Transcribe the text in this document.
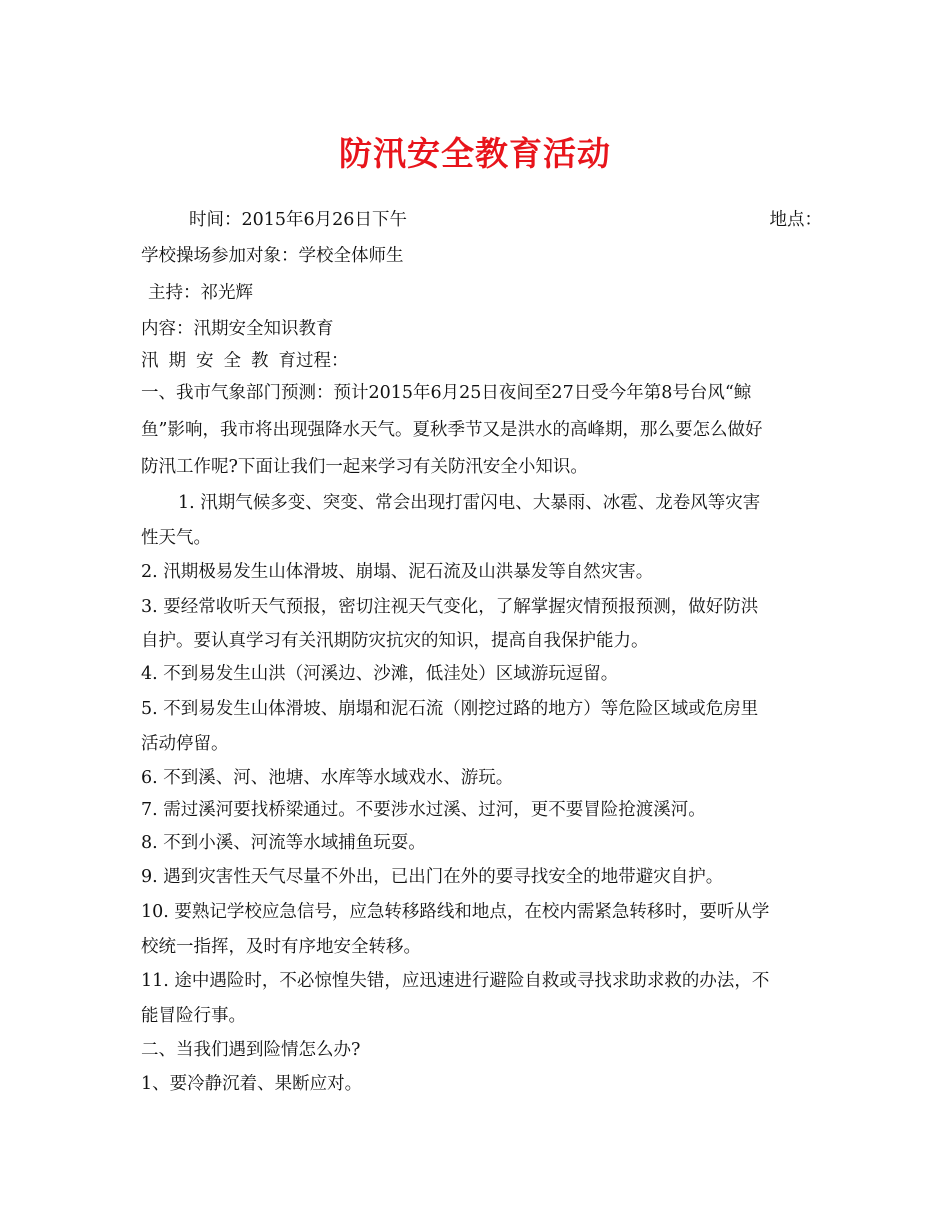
防汛安全教育活动
时间：2015年6月26日下午	地点：
学校操场参加对象：学校全体师生
主持：祁光辉
内容：汛期安全知识教育
汛期安全教育过程：
一、我市气象部门预测：预计2015年6月25日夜间至27日受今年第8号台风“鲸
鱼”影响，我市将出现强降水天气。夏秋季节又是洪水的高峰期，那么要怎么做好
防汛工作呢?下面让我们一起来学习有关防汛安全小知识。
1. 汛期气候多变、突变、常会出现打雷闪电、大暴雨、冰雹、龙卷风等灾害
性天气。
2. 汛期极易发生山体滑坡、崩塌、泥石流及山洪暴发等自然灾害。
3. 要经常收听天气预报，密切注视天气变化，了解掌握灾情预报预测，做好防洪
自护。要认真学习有关汛期防灾抗灾的知识，提高自我保护能力。
4. 不到易发生山洪（河溪边、沙滩，低洼处）区域游玩逗留。
5. 不到易发生山体滑坡、崩塌和泥石流（刚挖过路的地方）等危险区域或危房里
活动停留。
6. 不到溪、河、池塘、水库等水域戏水、游玩。
7. 需过溪河要找桥梁通过。不要涉水过溪、过河，更不要冒险抢渡溪河。
8. 不到小溪、河流等水域捕鱼玩耍。
9. 遇到灾害性天气尽量不外出，已出门在外的要寻找安全的地带避灾自护。
10. 要熟记学校应急信号，应急转移路线和地点，在校内需紧急转移时，要听从学
校统一指挥，及时有序地安全转移。
11. 途中遇险时，不必惊惶失错，应迅速进行避险自救或寻找求助求救的办法，不
能冒险行事。
二、当我们遇到险情怎么办?
1、要冷静沉着、果断应对。
